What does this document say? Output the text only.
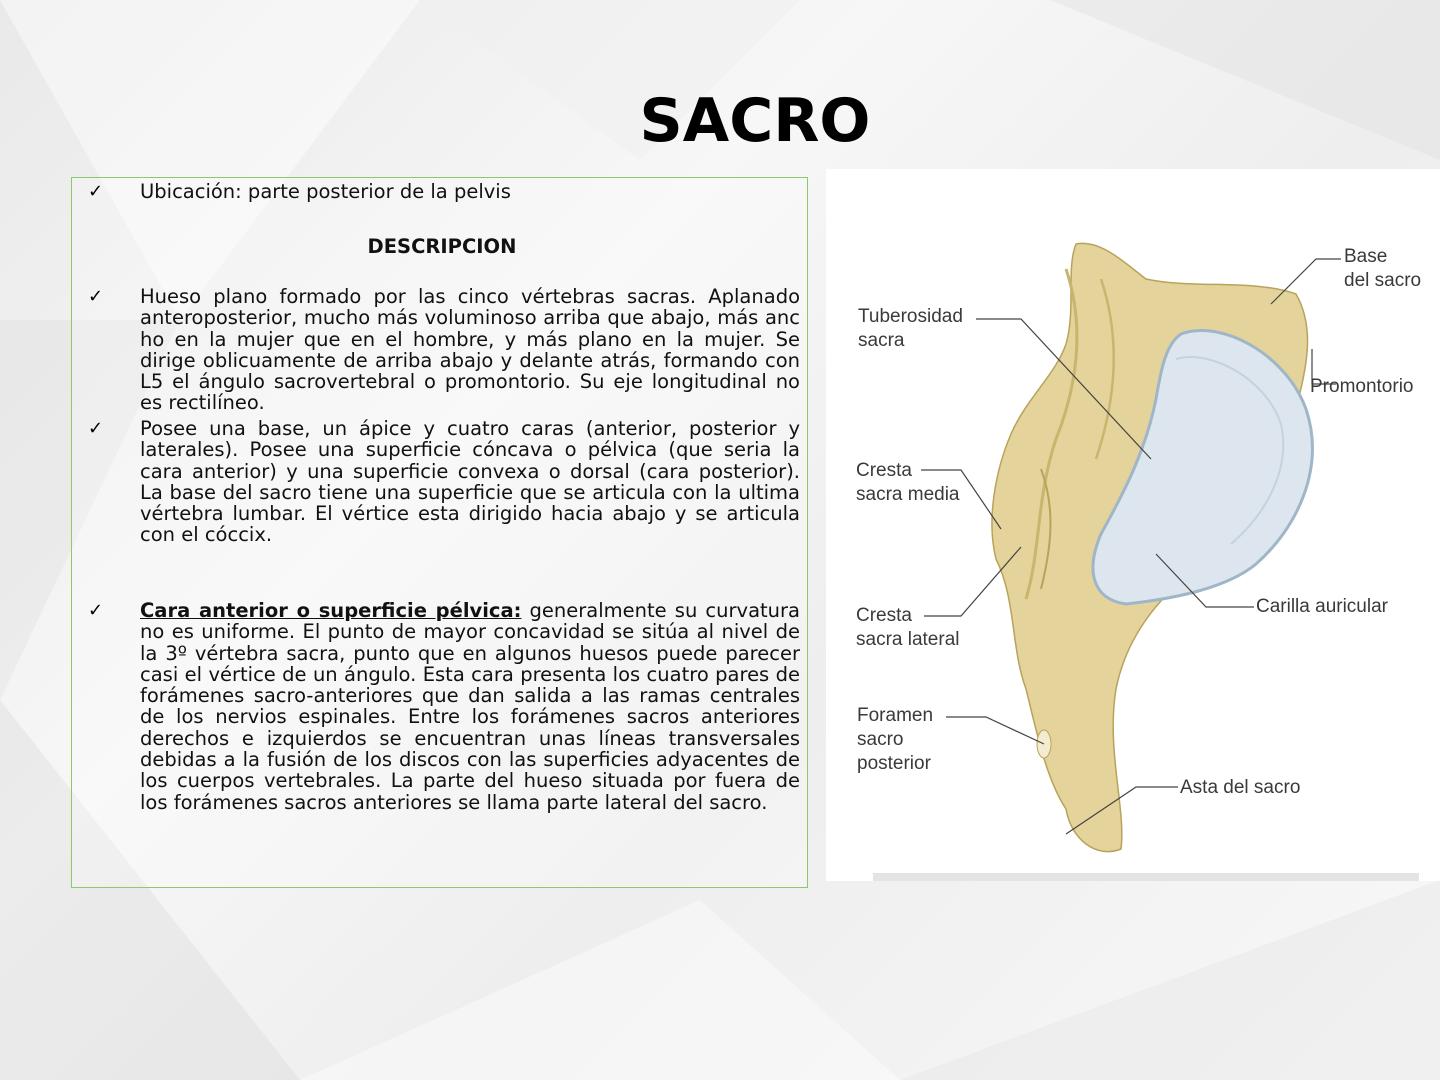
SACRO
✓ Ubicación: parte posterior de la pelvis

DESCRIPCION
✓ Hueso plano formado por las cinco vértebras sacras. Aplanado anteroposterior, mucho más voluminoso arriba que abajo, más anc ho en la mujer que en el hombre, y más plano en la mujer. Se dirige oblicuamente de arriba abajo y delante atrás, formando con L5 el ángulo sacrovertebral o promontorio. Su eje longitudinal no es rectilíneo.

✓ Posee una base, un ápice y cuatro caras (anterior, posterior y laterales). Posee una superficie cóncava o pélvica (que seria la cara anterior) y una superficie convexa o dorsal (cara posterior). La base del sacro tiene una superficie que se articula con la ultima vértebra lumbar. El vértice esta dirigido hacia abajo y se articula con el cóccix.

✓ Cara anterior o superficie pélvica: generalmente su curvatura no es uniforme. El punto de mayor concavidad se sitúa al nivel de la 3º vértebra sacra, punto que en algunos huesos puede parecer casi el vértice de un ángulo. Esta cara presenta los cuatro pares de forámenes sacro-anteriores que dan salida a las ramas centrales de los nervios espinales. Entre los forámenes sacros anteriores derechos e izquierdos se encuentran unas líneas transversales debidas a la fusión de los discos con las superficies adyacentes de los cuerpos vertebrales. La parte del hueso situada por fuera de los forámenes sacros anteriores se llama parte lateral del sacro.

Tuberosidad
sacra
Base
del sacro
Promontorio
Cresta
sacra media
Cresta
sacra lateral
Carilla auricular
Foramen
sacro
posterior
Asta del sacro
